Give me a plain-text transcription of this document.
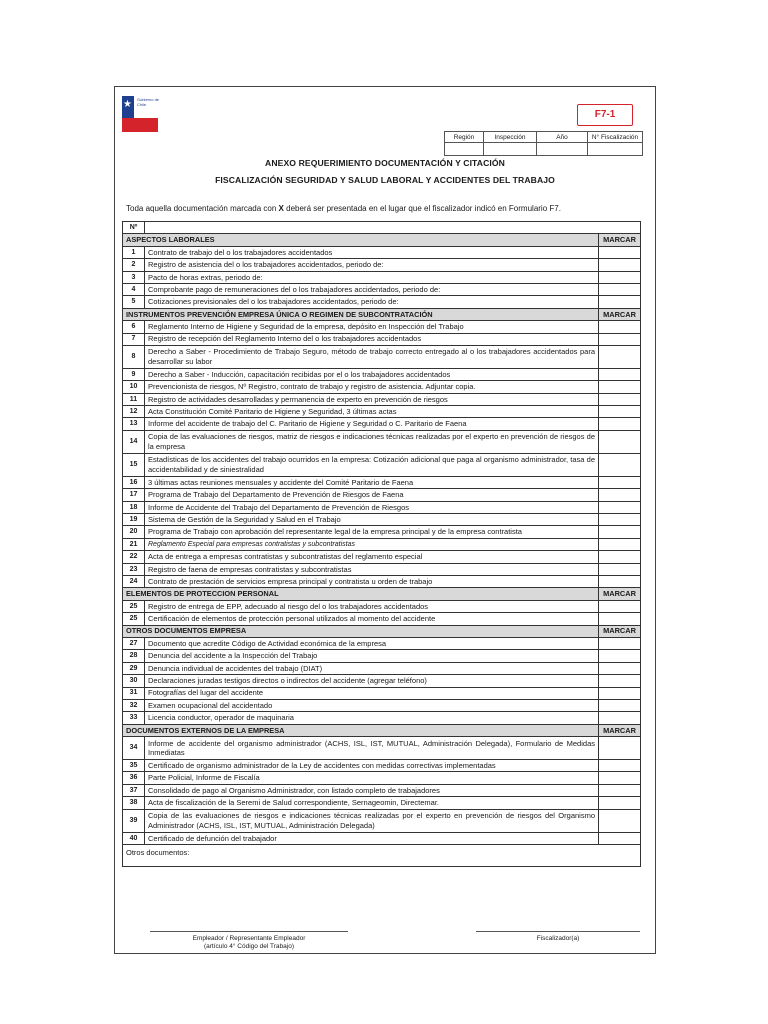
★ Gobierno de Chile
F7-1
Región	Inspección	Año	N° Fiscalización

ANEXO REQUERIMIENTO DOCUMENTACIÓN Y CITACIÓN
FISCALIZACIÓN SEGURIDAD Y SALUD LABORAL Y ACCIDENTES DEL TRABAJO
Toda aquella documentación marcada con X deberá ser presentada en el lugar que el fiscalizador indicó en Formulario F7.
Nº		
ASPECTOS LABORALES		MARCAR
1	Contrato de trabajo del o los trabajadores accidentados	
2	Registro de asistencia del o los trabajadores accidentados, periodo de:	
3	Pacto de horas extras, periodo de:	
4	Comprobante pago de remuneraciones del o los trabajadores accidentados, periodo de:	
5	Cotizaciones previsionales del o los trabajadores accidentados, periodo de:	
INSTRUMENTOS PREVENCIÓN EMPRESA ÚNICA O REGIMEN DE SUBCONTRATACIÓN		MARCAR
6	Reglamento Interno de Higiene y Seguridad de la empresa, depósito en Inspección del Trabajo	
7	Registro de recepción del Reglamento Interno del o los trabajadores accidentados	
8	Derecho a Saber - Procedimiento de Trabajo Seguro, método de trabajo correcto entregado al o los trabajadores accidentados para desarrollar su labor	
9	Derecho a Saber - Inducción, capacitación recibidas por el o los trabajadores accidentados	
10	Prevencionista de riesgos, Nº Registro, contrato de trabajo y registro de asistencia. Adjuntar copia.	
11	Registro de actividades desarrolladas y permanencia de experto en prevención de riesgos	
12	Acta Constitución Comité Paritario de Higiene y Seguridad, 3 últimas actas	
13	Informe del accidente de trabajo del C. Paritario de Higiene y Seguridad o C. Paritario de Faena	
14	Copia de las evaluaciones de riesgos, matriz de riesgos e indicaciones técnicas realizadas por el experto en prevención de riesgos de la empresa	
15	Estadísticas de los accidentes del trabajo ocurridos en la empresa: Cotización adicional que paga al organismo administrador, tasa de accidentabilidad y de siniestralidad	
16	3 últimas actas reuniones mensuales y accidente del Comité Paritario de Faena	
17	Programa de Trabajo del Departamento de Prevención de Riesgos de Faena	
18	Informe de Accidente del Trabajo del Departamento de Prevención de Riesgos	
19	Sistema de Gestión de la Seguridad y Salud en el Trabajo	
20	Programa de Trabajo con aprobación del representante legal de la empresa principal y de la empresa contratista	
21	Reglamento Especial para empresas contratistas y subcontratistas	
22	Acta de entrega a empresas contratistas y subcontratistas del reglamento especial	
23	Registro de faena de empresas contratistas y subcontratistas	
24	Contrato de prestación de servicios empresa principal y contratista u orden de trabajo	
ELEMENTOS DE PROTECCION PERSONAL		MARCAR
25	Registro de entrega de EPP, adecuado al riesgo del o los trabajadores accidentados	
25	Certificación de elementos de protección personal utilizados al momento del accidente	
OTROS DOCUMENTOS EMPRESA		MARCAR
27	Documento que acredite Código de Actividad económica de la empresa	
28	Denuncia del accidente a la Inspección del Trabajo	
29	Denuncia individual de accidentes del trabajo (DIAT)	
30	Declaraciones juradas testigos directos o indirectos del accidente (agregar teléfono)	
31	Fotografías del lugar del accidente	
32	Examen ocupacional del accidentado	
33	Licencia conductor, operador de maquinaria	
DOCUMENTOS EXTERNOS DE LA EMPRESA		MARCAR
34	Informe de accidente del organismo administrador (ACHS, ISL, IST, MUTUAL, Administración Delegada), Formulario de Medidas Inmediatas	
35	Certificado de organismo administrador de la Ley de accidentes con medidas correctivas implementadas	
36	Parte Policial, Informe de Fiscalía	
37	Consolidado de pago al Organismo Administrador, con listado completo de trabajadores	
38	Acta de fiscalización de la Seremi de Salud correspondiente, Sernageomin, Directemar.	
39	Copia de las evaluaciones de riesgos e indicaciones técnicas realizadas por el experto en prevención de riesgos del Organismo Administrador (ACHS, ISL, IST, MUTUAL, Administración Delegada)	
40	Certificado de defunción del trabajador	
Otros documentos:		
Empleador / Representante Empleador
(artículo 4° Código del Trabajo)
Fiscalizador(a)
